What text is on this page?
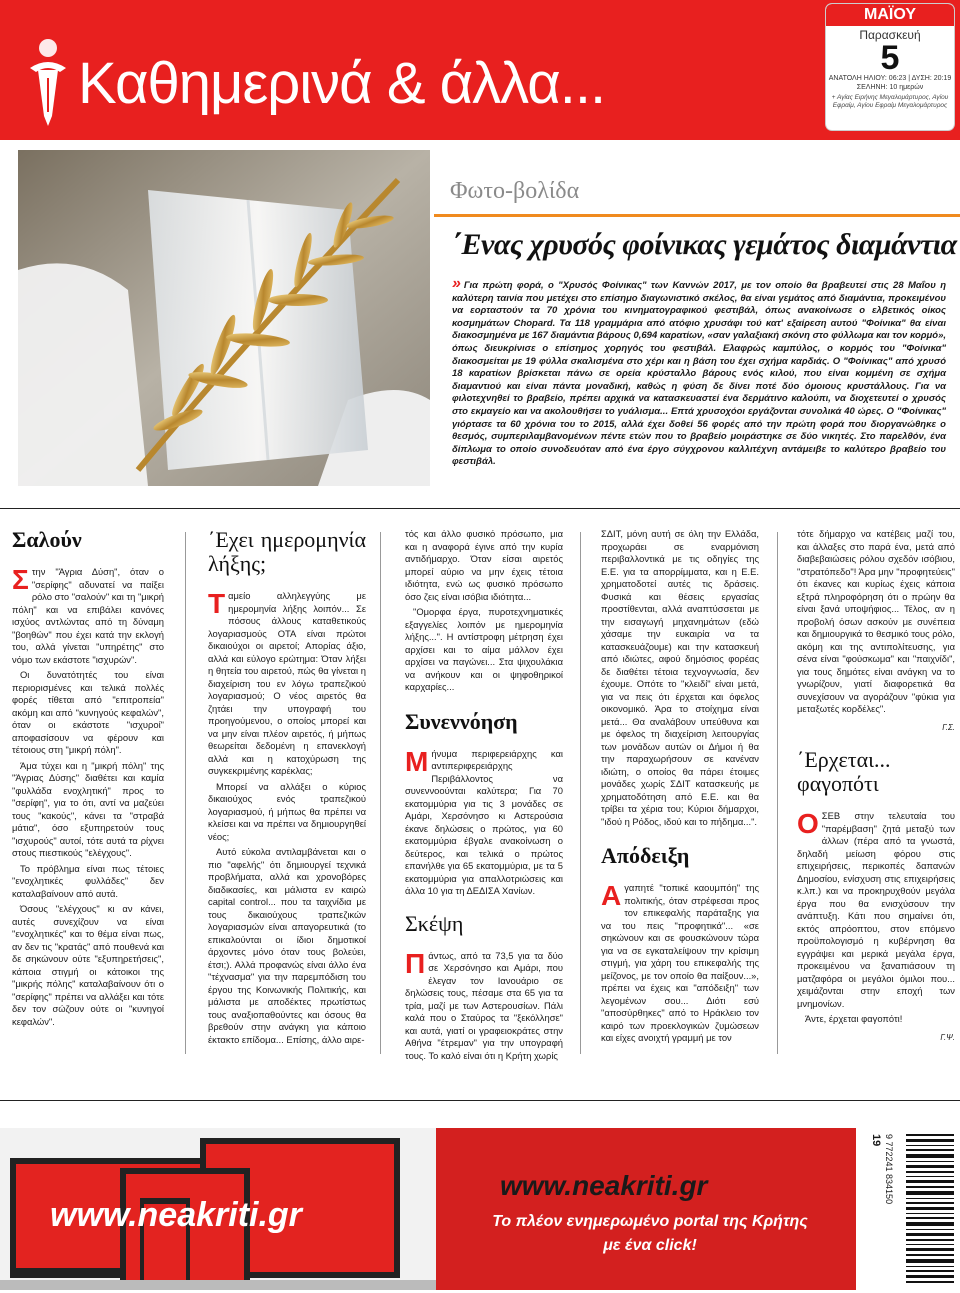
Καθημερινά & άλλα...
ΜΑΪΟΥ
Παρασκευή
5
ΑΝΑΤΟΛΗ ΗΛΙΟΥ: 06:23 | ΔΥΣΗ: 20:19
ΣΕΛΗΝΗ: 10 ημερών
+ Αγίας Ειρήνης Μεγαλομάρτυρος, Αγίου Εφραίμ, Αγίου Εφραίμ Μεγαλομάρτυρος
Φωτο-βολίδα
΄Ενας χρυσός φοίνικας γεμάτος διαμάντια
» Για πρώτη φορά, ο "Χρυσός Φοίνικας" των Καννών 2017, με τον οποίο θα βραβευτεί στις 28 Μαΐου η καλύτερη ταινία που μετέχει στο επίσημο διαγωνιστικό σκέλος, θα είναι γεμάτος από διαμάντια, προκειμένου να εορταστούν τα 70 χρόνια του κινηματογραφικού φεστιβάλ, όπως ανακοίνωσε ο ελβετικός οίκος κοσμημάτων Chopard. Τα 118 γραμμάρια από ατόφιο χρυσάφι τού κατ' εξαίρεση αυτού "Φοίνικα" θα είναι διακοσμημένα με 167 διαμάντια βάρους 0,694 καρατίων, «σαν γαλαξιακή σκόνη στο φύλλωμα και τον κορμό», όπως διευκρίνισε ο επίσημος χορηγός του φεστιβάλ. Ελαφρώς καμπύλος, ο κορμός του "Φοίνικα" διακοσμείται με 19 φύλλα σκαλισμένα στο χέρι και η βάση του έχει σχήμα καρδιάς. Ο "Φοίνικας" από χρυσό 18 καρατίων βρίσκεται πάνω σε ορεία κρύσταλλο βάρους ενός κιλού, που είναι κομμένη σε σχήμα διαμαντιού και είναι πάντα μοναδική, καθώς η φύση δε δίνει ποτέ δύο όμοιους κρυστάλλους. Για να φιλοτεχνηθεί το βραβείο, πρέπει αρχικά να κατασκευαστεί ένα δερμάτινο καλούπι, να διοχετευτεί ο χρυσός στο εκμαγείο και να ακολουθήσει το γυάλισμα... Επτά χρυσοχόοι εργάζονται συνολικά 40 ώρες. Ο "Φοίνικας" γιόρτασε τα 60 χρόνια του το 2015, αλλά έχει δοθεί 56 φορές από την πρώτη φορά που διοργανώθηκε ο θεσμός, συμπεριλαμβανομένων πέντε ετών που το βραβείο μοιράστηκε σε δύο νικητές. Στο παρελθόν, ένα δίπλωμα το οποίο συνοδευόταν από ένα έργο σύγχρονου καλλιτέχνη αντάμειβε το καλύτερο βραβείο του φεστιβάλ.
Σαλούν

Στην "Άγρια Δύση", όταν ο "σερίφης" αδυνατεί να παίξει ρόλο στο "σαλούν" και τη "μικρή πόλη" και να επιβάλει κανόνες ισχύος αντλώντας από τη δύναμη "βοηθών" που έχει κατά την εκλογή του, αλλά γίνεται "υπηρέτης" στο νόμο των εκάστοτε "ισχυρών".

Οι δυνατότητές του είναι περιορισμένες και τελικά πολλές φορές τίθεται από "επιτροπεία" ακόμη και από "κυνηγούς κεφαλών", όταν οι εκάστοτε "ισχυροί" αποφασίσουν να φέρουν και τέτοιους στη "μικρή πόλη".

Άμα τύχει και η "μικρή πόλη" της "Άγριας Δύσης" διαθέτει και καμία "φυλλάδα ενοχλητική" προς το "σερίφη", για το ότι, αντί να μαζεύει τους "κακούς", κάνει τα "στραβά μάτια", όσο εξυπηρετούν τους "ισχυρούς" αυτοί, τότε αυτά τα ρίχνει στους πιεστικούς "ελέγχους".

Το πρόβλημα είναι πως τέτοιες "ενοχλητικές φυλλάδες" δεν καταλαβαίνουν από αυτά.

Όσους "ελέγχους" κι αν κάνει, αυτές συνεχίζουν να είναι "ενοχλητικές" και το θέμα είναι πως, αν δεν τις "κρατάς" από πουθενά και δε σηκώνουν ούτε "εξυπηρετήσεις", κάποια στιγμή οι κάτοικοι της "μικρής πόλης" καταλαβαίνουν ότι ο "σερίφης" πρέπει να αλλάξει και τότε δεν τον σώζουν ούτε οι "κυνηγοί κεφαλών".

΄Εχει ημερομηνία λήξης;

Ταμείο αλληλεγγύης με ημερομηνία λήξης λοιπόν... Σε πόσους άλλους καταθετικούς λογαριασμούς ΟΤΑ είναι πρώτοι δικαιούχοι οι αιρετοί; Απορίας άξιο, αλλά και εύλογο ερώτημα: Όταν λήξει η θητεία του αιρετού, πώς θα γίνεται η διαχείριση του εν λόγω τραπεζικού λογαριασμού; Ο νέος αιρετός θα ζητάει την υπογραφή του προηγούμενου, ο οποίος μπορεί και να μην είναι πλέον αιρετός, ή μήπως θεωρείται δεδομένη η επανεκλογή αλλά και η κατοχύρωση της συγκεκριμένης καρέκλας;

Μπορεί να αλλάξει ο κύριος δικαιούχος ενός τραπεζικού λογαριασμού, ή μήπως θα πρέπει να κλείσει και να πρέπει να δημιουργηθεί νέος;

Αυτό εύκολα αντιλαμβάνεται και ο πιο "αφελής" ότι δημιουργεί τεχνικά προβλήματα, αλλά και χρονοβόρες διαδικασίες, και μάλιστα εν καιρώ capital control... που τα ταιχνίδια με τους δικαιούχους τραπεζικών λογαριασμών είναι απαγορευτικά (το επικαλούνται οι ίδιοι δημοτικοί άρχοντες μόνο όταν τους βολεύει, έτσι;). Αλλά προφανώς είναι άλλο ένα "τέχνασμα" για την παρεμπόδιση του έργου της Κοινωνικής Πολιτικής, και μάλιστα με αποδέκτες πρωτίστως τους αναξιοπαθούντες και όσους θα βρεθούν στην ανάγκη για κάποιο έκτακτο επίδομα... Επίσης, άλλο αιρε-

τός και άλλο φυσικό πρόσωπο, μια και η αναφορά έγινε από την κυρία αντιδήμαρχο. Όταν είσαι αιρετός μπορεί αύριο να μην έχεις τέτοια ιδιότητα, ενώ ως φυσικό πρόσωπο όσο ζεις είναι ισόβια ιδιότητα...

"Ομορφα έργα, πυροτεχνηματικές εξαγγελίες λοιπόν με ημερομηνία λήξης...". Η αντίστροφη μέτρηση έχει αρχίσει και το αίμα μάλλον έχει αρχίσει να παγώνει... Στα ψιχουλάκια να ανήκουν και οι ψηφοθηρικοί καρχαρίες...

Συνεννόηση

Μήνυμα περιφερειάρχης και αντιπεριφερειάρχης Περιβάλλοντος να συνεννοούνται καλύτερα; Για 70 εκατομμύρια για τις 3 μονάδες σε Αμάρι, Χερσόνησο κι Αστερούσια έκανε δηλώσεις ο πρώτος, για 60 εκατομμύρια έβγαλε ανακοίνωση ο δεύτερος, και τελικά ο πρώτος επανήλθε για 65 εκατομμύρια, με τα 5 εκατομμύρια για απαλλοτριώσεις και άλλα 10 για τη ΔΕΔΙΣΑ Χανίων.

Σκέψη

Πάντως, από τα 73,5 για τα δύο σε Χερσόνησο και Αμάρι, που έλεγαν τον Ιανουάριο σε δηλώσεις τους, πέσαμε στα 65 για τα τρία, μαζί με των Αστερουσίων. Πάλι καλά που ο Σταύρος τα "ξεκόλλησε" και αυτά, γιατί οι γραφειοκράτες στην Αθήνα "έτρεμαν" για την υπογραφή τους. Το καλό είναι ότι η Κρήτη χωρίς

ΣΔΙΤ, μόνη αυτή σε όλη την Ελλάδα, προχωράει σε εναρμόνιση περιβαλλοντικά με τις οδηγίες της Ε.Ε. για τα απορρίμματα, και η Ε.Ε. χρηματοδοτεί αυτές τις δράσεις. Φυσικά και θέσεις εργασίας προστίθενται, αλλά αναπτύσσεται με την εισαγωγή μηχανημάτων (εδώ χάσαμε την ευκαιρία να τα κατασκευάζουμε) και την κατασκευή από ιδιώτες, αφού δημόσιος φορέας δε διαθέτει τέτοια τεχνογνωσία, δεν έχουμε. Οπότε το "κλειδί" είναι μετά, για να πεις ότι έρχεται και όφελος οικονομικό. Άρα το στοίχημα είναι μετά... Θα αναλάβουν υπεύθυνα και με όφελος τη διαχείριση λειτουργίας των μονάδων αυτών οι Δήμοι ή θα την παραχωρήσουν σε κανέναν ιδιώτη, ο οποίος θα πάρει έτοιμες μονάδες χωρίς ΣΔΙΤ κατασκευής με χρηματοδότηση από Ε.Ε. και θα τρίβει τα χέρια του; Κύριοι δήμαρχοι, "ιδού η Ρόδος, ιδού και το πήδημα...".

Απόδειξη

Αγαπητέ "τοπικέ καουμπόη" της πολιτικής, όταν στρέφεσαι προς τον επικεφαλής παράταξης για να του πεις "προφητικά"... «σε σηκώνουν και σε φουσκώνουν τώρα για να σε εγκαταλείψουν την κρίσιμη στιγμή, για χάρη του επικεφαλής της μείζονος, με τον οποίο θα παίξουν...», πρέπει να έχεις και "απόδειξη" των λεγομένων σου... Διότι εσύ "αποσύρθηκες" από το Ηράκλειο τον καιρό των προεκλογικών ζυμώσεων και είχες ανοιχτή γραμμή με τον

τότε δήμαρχο να κατέβεις μαζί του, και άλλαξες στο παρά ένα, μετά από διαβεβαιώσεις ρόλου σχεδόν ισόβιου, "στρατόπεδο"! Άρα μην "προφητεύεις" ότι έκανες και κυρίως έχεις κάποια εξτρά πληροφόρηση ότι ο πρώην θα είναι ξανά υποψήφιος... Τέλος, αν η προβολή όσων ασκούν με συνέπεια και δημιουργικά το θεσμικό τους ρόλο, ακόμη και της αντιπολίτευσης, για σένα είναι "φούσκωμα" και "παιχνίδι", για τους δημότες είναι ανάγκη να το γνωρίζουν, γιατί διαφορετικά θα συνεχίσουν να αγοράζουν "φύκια για μεταξωτές κορδέλες".

Γ.Σ.
΄Ερχεται... φαγοπότι

ΟΣΕΒ στην τελευταία του "παρέμβαση" ζητά μεταξύ των άλλων (πέρα από τα γνωστά, δηλαδή μείωση φόρου στις επιχειρήσεις, περικοπές δαπανών Δημοσίου, ενίσχυση στις επιχειρήσεις κ.λπ.) και να προκηρυχθούν μεγάλα έργα που θα ενισχύσουν την ανάπτυξη. Κάτι που σημαίνει ότι, εκτός απρόοπτου, στον επόμενο προϋπολογισμό η κυβέρνηση θα εγγράψει και μερικά μεγάλα έργα, προκειμένου να ξαναπιάσουν τη ματζαφόρα οι μεγάλοι όμιλοι που... χειμάζονται στην εποχή των μνημονίων.

Άντε, έρχεται φαγοπότι!

Γ.Ψ.
www.neakriti.gr
www.neakriti.gr
Το πλέον ενημερωμένο portal της Κρήτης
με ένα click!
19 9 772241 834150
